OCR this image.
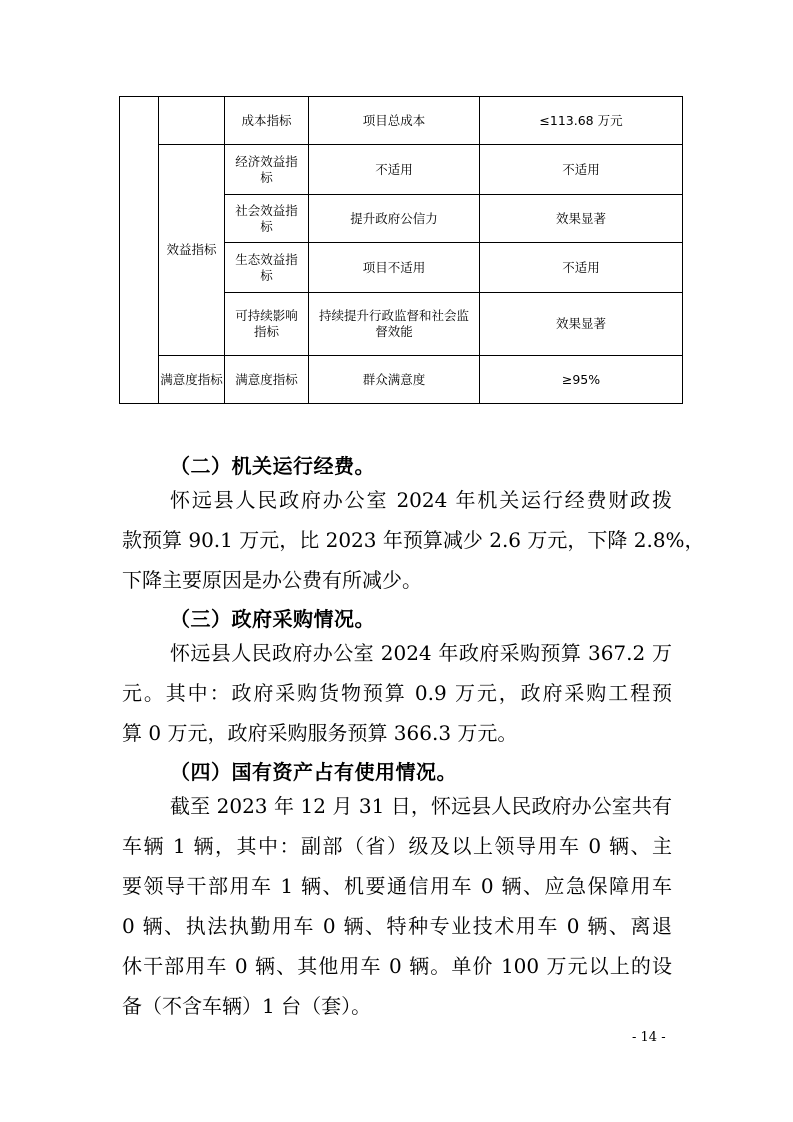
		成本指标	项目总成本	≤113.68 万元
	效益指标	经济效益指标	不适用	不适用
		社会效益指标	提升政府公信力	效果显著
		生态效益指标	项目不适用	不适用
		可持续影响指标	持续提升行政监督和社会监督效能	效果显著
	满意度指标	满意度指标	群众满意度	≥95%
（二）机关运行经费。
怀远县人民政府办公室 2024 年机关运行经费财政拨
款预算 90.1 万元，比 2023 年预算减少 2.6 万元，下降 2.8%，
下降主要原因是办公费有所减少。
（三）政府采购情况。
怀远县人民政府办公室 2024 年政府采购预算 367.2 万
元。其中：政府采购货物预算 0.9 万元，政府采购工程预
算 0 万元，政府采购服务预算 366.3 万元。
（四）国有资产占有使用情况。
截至 2023 年 12 月 31 日，怀远县人民政府办公室共有
车辆 1 辆，其中：副部（省）级及以上领导用车 0 辆、主
要领导干部用车 1 辆、机要通信用车 0 辆、应急保障用车
0 辆、执法执勤用车 0 辆、特种专业技术用车 0 辆、离退
休干部用车 0 辆、其他用车 0 辆。单价 100 万元以上的设
备（不含车辆）1 台（套）。
- 14 -
